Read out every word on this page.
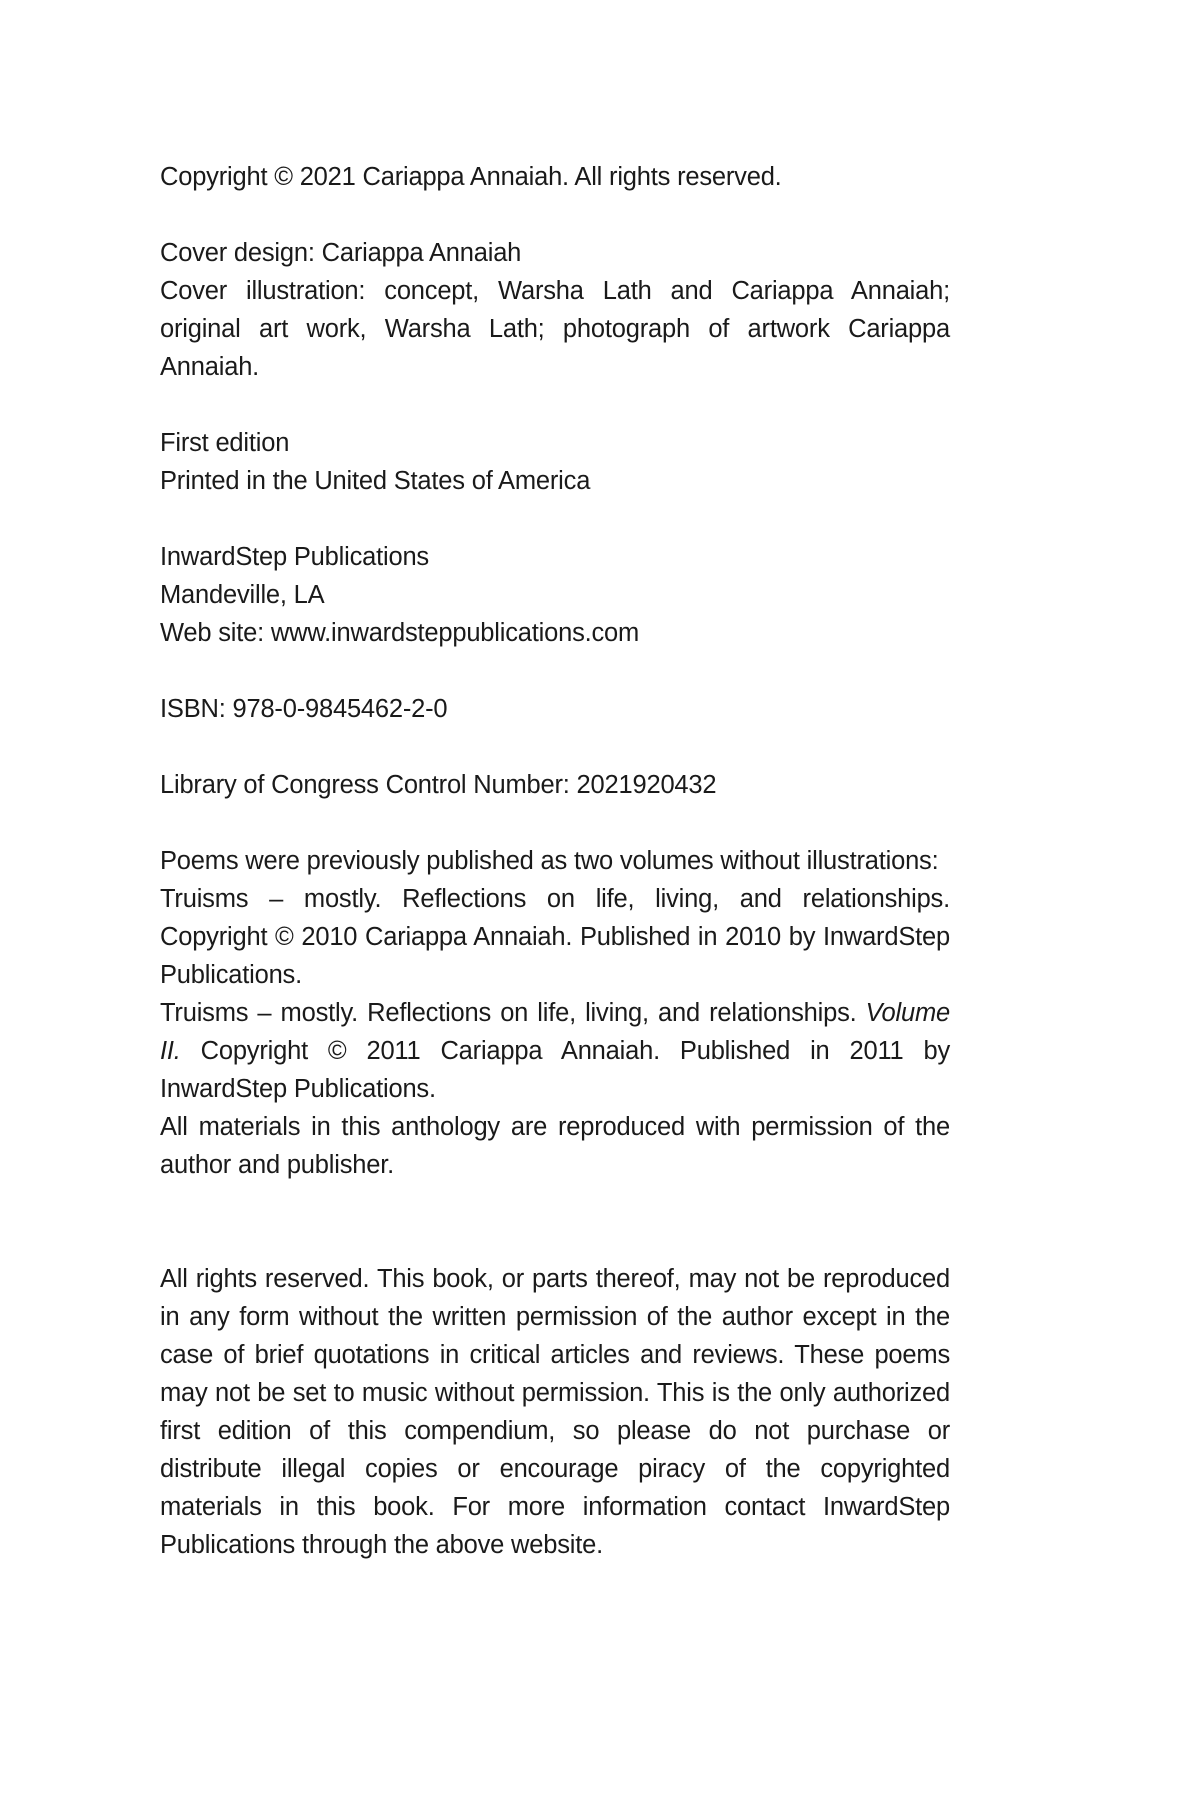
Copyright © 2021 Cariappa Annaiah. All rights reserved.
Cover design: Cariappa Annaiah
Cover illustration: concept, Warsha Lath and Cariappa Annaiah; original art work, Warsha Lath; photograph of artwork Cariappa Annaiah.
First edition
Printed in the United States of America
InwardStep Publications
Mandeville, LA
Web site: www.inwardsteppublications.com
ISBN: 978-0-9845462-2-0
Library of Congress Control Number: 2021920432
Poems were previously published as two volumes without illustrations:
Truisms – mostly. Reflections on life, living, and relationships. Copyright © 2010 Cariappa Annaiah. Published in 2010 by InwardStep Publications.
Truisms – mostly. Reflections on life, living, and relationships. Volume II. Copyright © 2011 Cariappa Annaiah. Published in 2011 by InwardStep Publications.
All materials in this anthology are reproduced with permission of the author and publisher.
All rights reserved. This book, or parts thereof, may not be reproduced in any form without the written permission of the author except in the case of brief quotations in critical articles and reviews. These poems may not be set to music without permission. This is the only authorized first edition of this compendium, so please do not purchase or distribute illegal copies or encourage piracy of the copyrighted materials in this book. For more information contact InwardStep Publications through the above website.
